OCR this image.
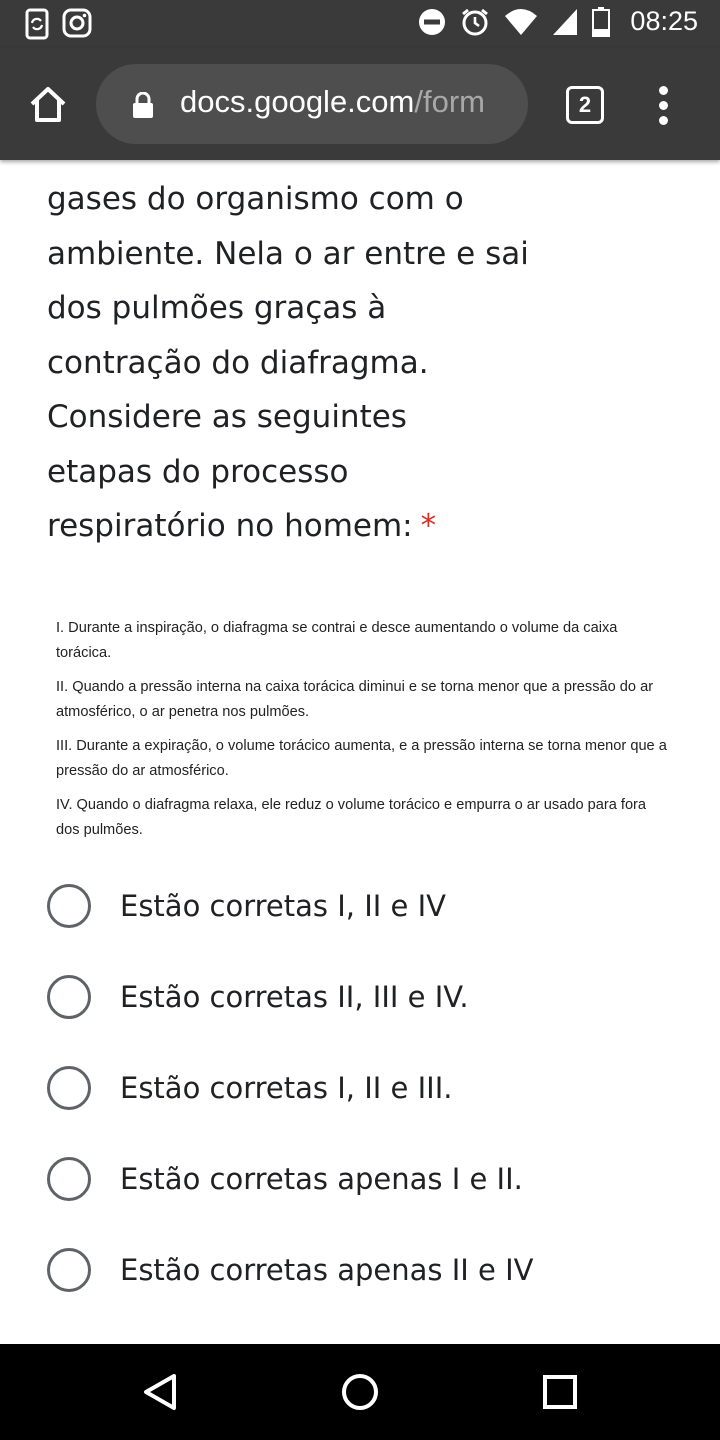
08:25
docs.google.com/form	2
gases do organismo com o
ambiente. Nela o ar entre e sai
dos pulmões graças à
contração do diafragma.
Considere as seguintes
etapas do processo
respiratório no homem: *

I. Durante a inspiração, o diafragma se contrai e desce aumentando o volume da caixa torácica.

II. Quando a pressão interna na caixa torácica diminui e se torna menor que a pressão do ar atmosférico, o ar penetra nos pulmões.

III. Durante a expiração, o volume torácico aumenta, e a pressão interna se torna menor que a pressão do ar atmosférico.

IV. Quando o diafragma relaxa, ele reduz o volume torácico e empurra o ar usado para fora dos pulmões.

Estão corretas I, II e IV
Estão corretas II, III e IV.
Estão corretas I, II e III.
Estão corretas apenas I e II.
Estão corretas apenas II e IV
